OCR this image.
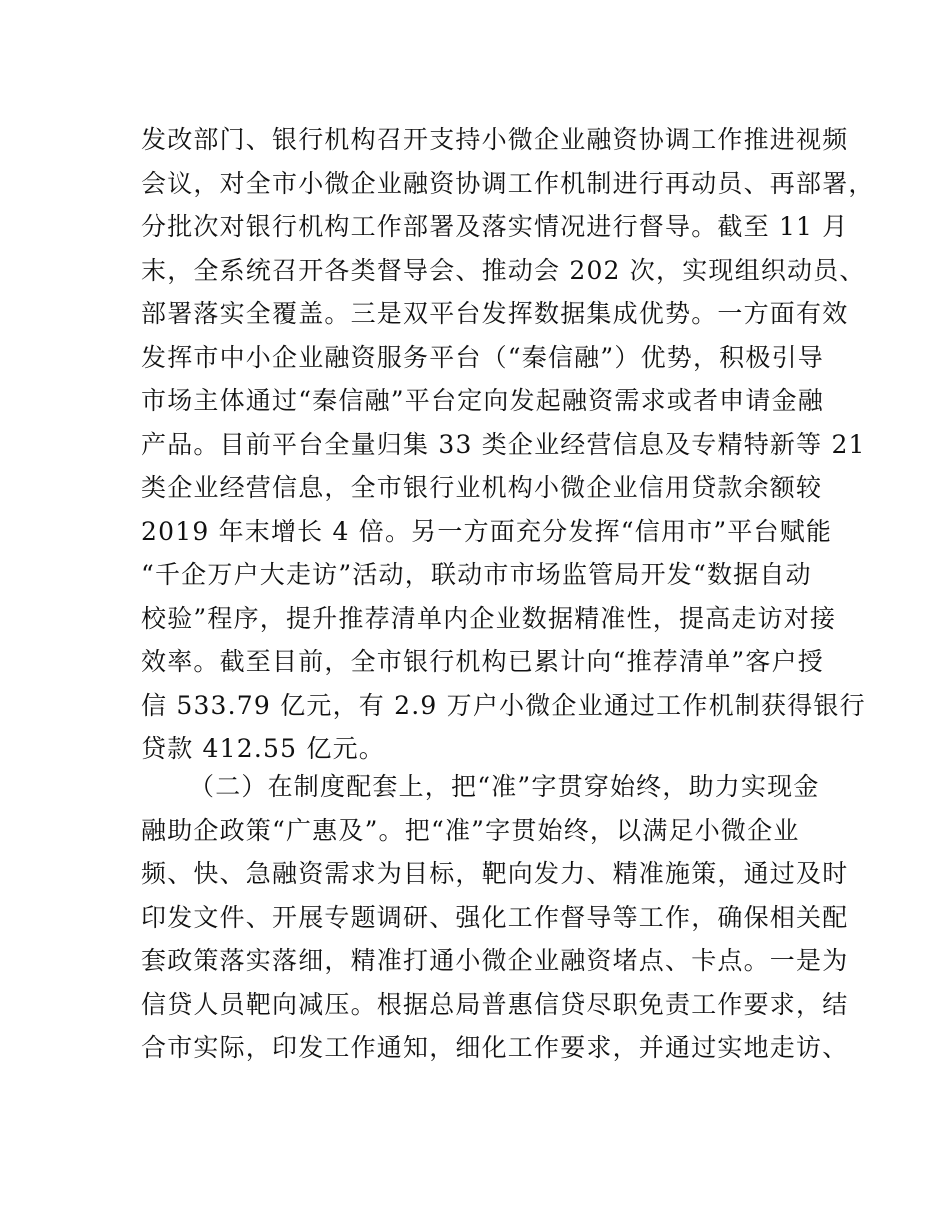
发改部门、银行机构召开支持小微企业融资协调工作推进视频
会议，对全市小微企业融资协调工作机制进行再动员、再部署，
分批次对银行机构工作部署及落实情况进行督导。截至 11 月
末，全系统召开各类督导会、推动会 202 次，实现组织动员、
部署落实全覆盖。三是双平台发挥数据集成优势。一方面有效
发挥市中小企业融资服务平台（“秦信融”）优势，积极引导
市场主体通过“秦信融”平台定向发起融资需求或者申请金融
产品。目前平台全量归集 33 类企业经营信息及专精特新等 21
类企业经营信息，全市银行业机构小微企业信用贷款余额较
2019 年末增长 4 倍。另一方面充分发挥“信用市”平台赋能
“千企万户大走访”活动，联动市市场监管局开发“数据自动
校验”程序，提升推荐清单内企业数据精准性，提高走访对接
效率。截至目前，全市银行机构已累计向“推荐清单”客户授
信 533.79 亿元，有 2.9 万户小微企业通过工作机制获得银行
贷款 412.55 亿元。
（二）在制度配套上，把“准”字贯穿始终，助力实现金
融助企政策“广惠及”。把“准”字贯始终，以满足小微企业
频、快、急融资需求为目标，靶向发力、精准施策，通过及时
印发文件、开展专题调研、强化工作督导等工作，确保相关配
套政策落实落细，精准打通小微企业融资堵点、卡点。一是为
信贷人员靶向减压。根据总局普惠信贷尽职免责工作要求，结
合市实际，印发工作通知，细化工作要求，并通过实地走访、
